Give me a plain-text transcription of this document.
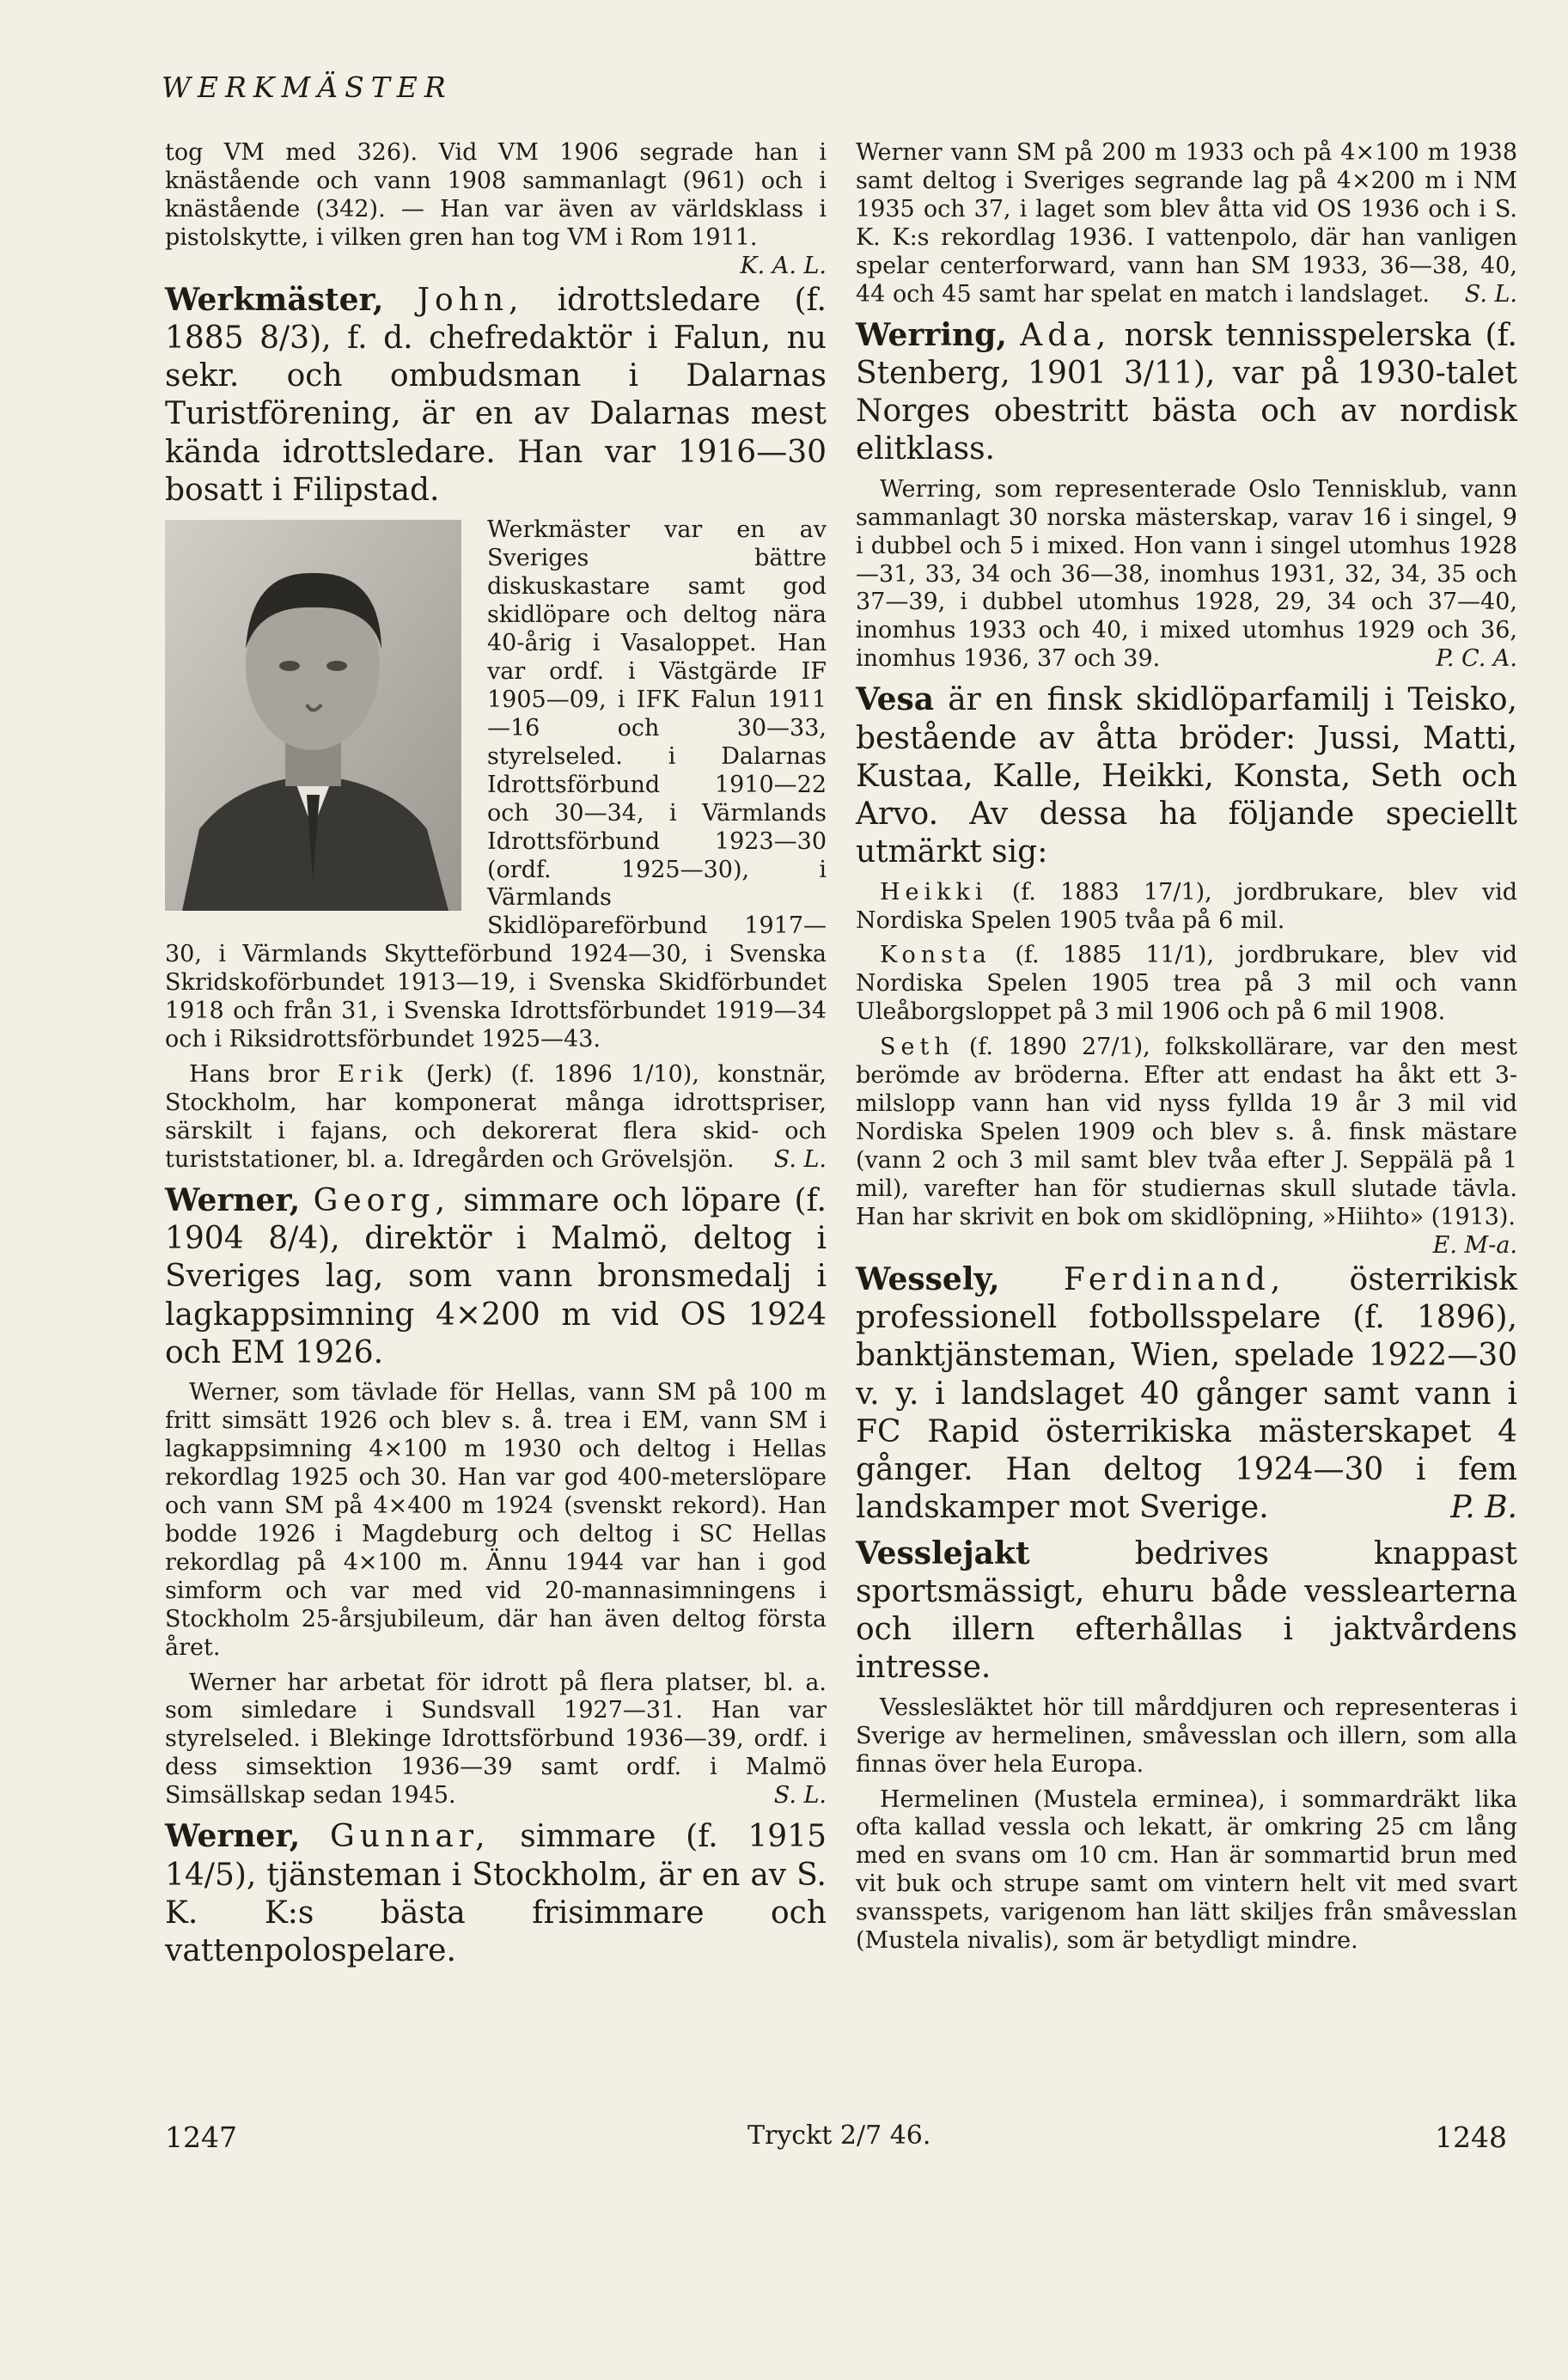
WERKMÄSTER

tog VM med 326). Vid VM 1906 segrade han i knästående och vann 1908 sammanlagt (961) och i knästående (342). — Han var även av världsklass i pistolskytte, i vilken gren han tog VM i Rom 1911.
K. A. L.

Werkmäster, John, idrottsledare (f. 1885 8/3), f. d. chefredaktör i Falun, nu sekr. och ombudsman i Dalarnas Turistförening, är en av Dalarnas mest kända idrottsledare. Han var 1916—30 bosatt i Filipstad.

Werkmäster var en av Sveriges bättre diskuskastare samt god skidlöpare och deltog nära 40-årig i Vasaloppet. Han var ordf. i Västgärde IF 1905—09, i IFK Falun 1911—16 och 30—33, styrelseled. i Dalarnas Idrottsförbund 1910—22 och 30—34, i Värmlands Idrottsförbund 1923—30 (ordf. 1925—30), i Värmlands Skidlöpareförbund 1917—30, i Värmlands Skytteförbund 1924—30, i Svenska Skridskoförbundet 1913—19, i Svenska Skidförbundet 1918 och från 31, i Svenska Idrottsförbundet 1919—34 och i Riksidrottsförbundet 1925—43.

Hans bror Erik (Jerk) (f. 1896 1/10), konstnär, Stockholm, har komponerat många idrottspriser, särskilt i fajans, och dekorerat flera skid- och turiststationer, bl. a. Idregården och Grövelsjön.	S. L.

Werner, Georg, simmare och löpare (f. 1904 8/4), direktör i Malmö, deltog i Sveriges lag, som vann bronsmedalj i lagkappsimning 4×200 m vid OS 1924 och EM 1926.

Werner, som tävlade för Hellas, vann SM på 100 m fritt simsätt 1926 och blev s. å. trea i EM, vann SM i lagkappsimning 4×100 m 1930 och deltog i Hellas rekordlag 1925 och 30. Han var god 400-meterslöpare och vann SM på 4×400 m 1924 (svenskt rekord). Han bodde 1926 i Magdeburg och deltog i SC Hellas rekordlag på 4×100 m. Ännu 1944 var han i god simform och var med vid 20-mannasimningens i Stockholm 25-årsjubileum, där han även deltog första året.

Werner har arbetat för idrott på flera platser, bl. a. som simledare i Sundsvall 1927—31. Han var styrelseled. i Blekinge Idrottsförbund 1936—39, ordf. i dess simsektion 1936—39 samt ordf. i Malmö Simsällskap sedan 1945.	S. L.

Werner, Gunnar, simmare (f. 1915 14/5), tjänsteman i Stockholm, är en av S. K. K:s bästa frisimmare och vattenpolospelare.

Werner vann SM på 200 m 1933 och på 4×100 m 1938 samt deltog i Sveriges segrande lag på 4×200 m i NM 1935 och 37, i laget som blev åtta vid OS 1936 och i S. K. K:s rekordlag 1936. I vattenpolo, där han vanligen spelar centerforward, vann han SM 1933, 36—38, 40, 44 och 45 samt har spelat en match i landslaget. S. L.

Werring, Ada, norsk tennisspelerska (f. Stenberg, 1901 3/11), var på 1930-talet Norges obestritt bästa och av nordisk elitklass.

Werring, som representerade Oslo Tennisklub, vann sammanlagt 30 norska mästerskap, varav 16 i singel, 9 i dubbel och 5 i mixed. Hon vann i singel utomhus 1928—31, 33, 34 och 36—38, inomhus 1931, 32, 34, 35 och 37—39, i dubbel utomhus 1928, 29, 34 och 37—40, inomhus 1933 och 40, i mixed utomhus 1929 och 36, inomhus 1936, 37 och 39.	P. C. A.

Vesa är en finsk skidlöparfamilj i Teisko, bestående av åtta bröder: Jussi, Matti, Kustaa, Kalle, Heikki, Konsta, Seth och Arvo. Av dessa ha följande speciellt utmärkt sig:

Heikki (f. 1883 17/1), jordbrukare, blev vid Nordiska Spelen 1905 tvåa på 6 mil.

Konsta (f. 1885 11/1), jordbrukare, blev vid Nordiska Spelen 1905 trea på 3 mil och vann Uleåborgsloppet på 3 mil 1906 och på 6 mil 1908.

Seth (f. 1890 27/1), folkskollärare, var den mest berömde av bröderna. Efter att endast ha åkt ett 3-milslopp vann han vid nyss fyllda 19 år 3 mil vid Nordiska Spelen 1909 och blev s. å. finsk mästare (vann 2 och 3 mil samt blev tvåa efter J. Seppälä på 1 mil), varefter han för studiernas skull slutade tävla. Han har skrivit en bok om skidlöpning, »Hiihto» (1913).
E. M-a.

Wessely, Ferdinand, österrikisk professionell fotbollsspelare (f. 1896), banktjänsteman, Wien, spelade 1922—30 v. y. i landslaget 40 gånger samt vann i FC Rapid österrikiska mästerskapet 4 gånger. Han deltog 1924—30 i fem landskamper mot Sverige.	P. B.

Vesslejakt	bedrives knappast sportsmässigt, ehuru både vesslearterna och illern efterhållas i jaktvårdens intresse.

Vesslesläktet hör till mårddjuren och representeras i Sverige av hermelinen, småvesslan och illern, som alla finnas över hela Europa.

Hermelinen (Mustela erminea), i sommardräkt lika ofta kallad vessla och lekatt, är omkring 25 cm lång med en svans om 10 cm. Han är sommartid brun med vit buk och strupe samt om vintern helt vit med svart svansspets, varigenom han lätt skiljes från småvesslan (Mustela nivalis), som är betydligt mindre.

1247	Tryckt 2/7 46.	1248
